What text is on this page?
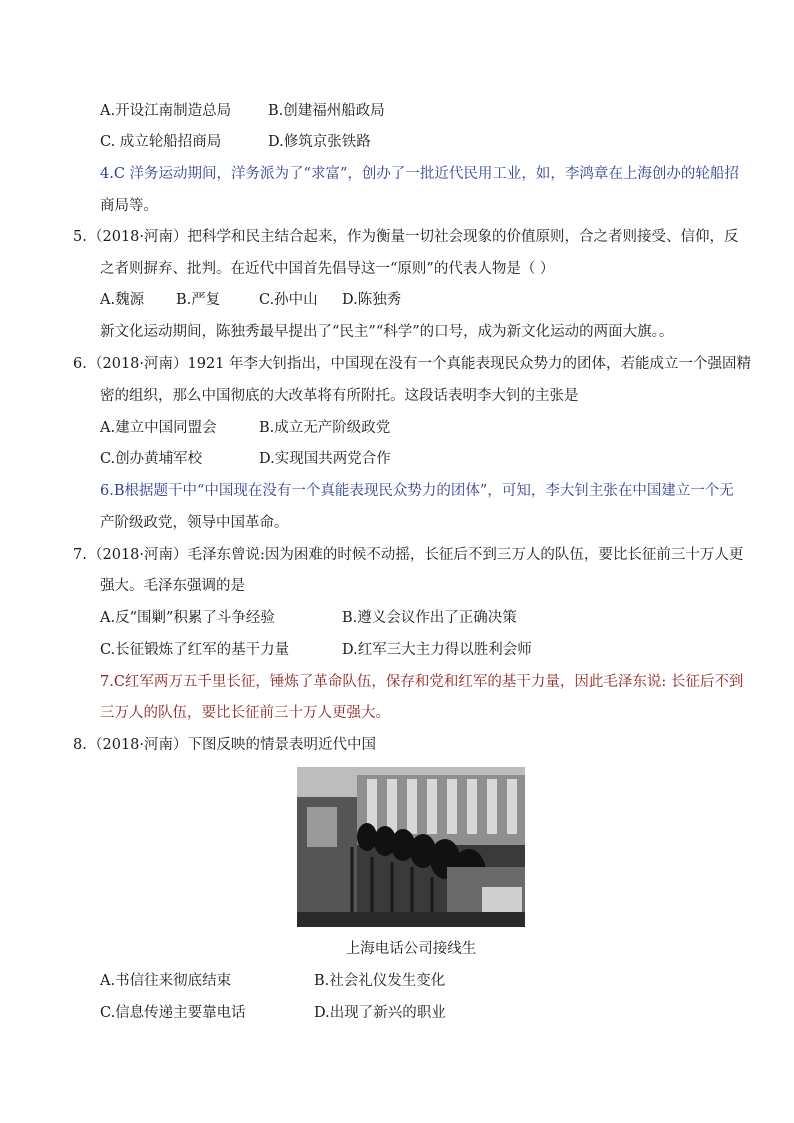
A.开设江南制造总局	B.创建福州船政局
C. 成立轮船招商局	D.修筑京张铁路
4.C 洋务运动期间，洋务派为了“求富”，创办了一批近代民用工业，如，李鸿章在上海创办的轮船招
商局等。
5. （2018·河南）把科学和民主结合起来，作为衡量一切社会现象的价值原则，合之者则接受、信仰，反
之者则摒弃、批判。在近代中国首先倡导这一“原则”的代表人物是（ ）
A.魏源 B.严复	C.孙中山 D.陈独秀
新文化运动期间，陈独秀最早提出了“民主”“科学”的口号，成为新文化运动的两面大旗。。
6. （2018·河南）1921 年李大钊指出，中国现在没有一个真能表现民众势力的团体，若能成立一个强固精
密的组织，那么中国彻底的大改革将有所附托。这段话表明李大钊的主张是
A.建立中国同盟会	B.成立无产阶级政党
C.创办黄埔军校	D.实现国共两党合作
6.B根据题干中“中国现在没有一个真能表现民众势力的团体”，可知，李大钊主张在中国建立一个无
产阶级政党，领导中国革命。
7. （2018·河南）毛泽东曾说:因为困难的时候不动摇，长征后不到三万人的队伍，要比长征前三十万人更
强大。毛泽东强调的是
A.反“围剿”积累了斗争经验	B.遵义会议作出了正确决策
C.长征锻炼了红军的基干力量	D.红军三大主力得以胜利会师
7.C红军两万五千里长征，锤炼了革命队伍，保存和党和红军的基干力量，因此毛泽东说: 长征后不到
三万人的队伍，要比长征前三十万人更强大。
8. （2018·河南）下图反映的情景表明近代中国
上海电话公司接线生
A.书信往来彻底结束	B.社会礼仪发生变化
C.信息传递主要靠电话	D.出现了新兴的职业
